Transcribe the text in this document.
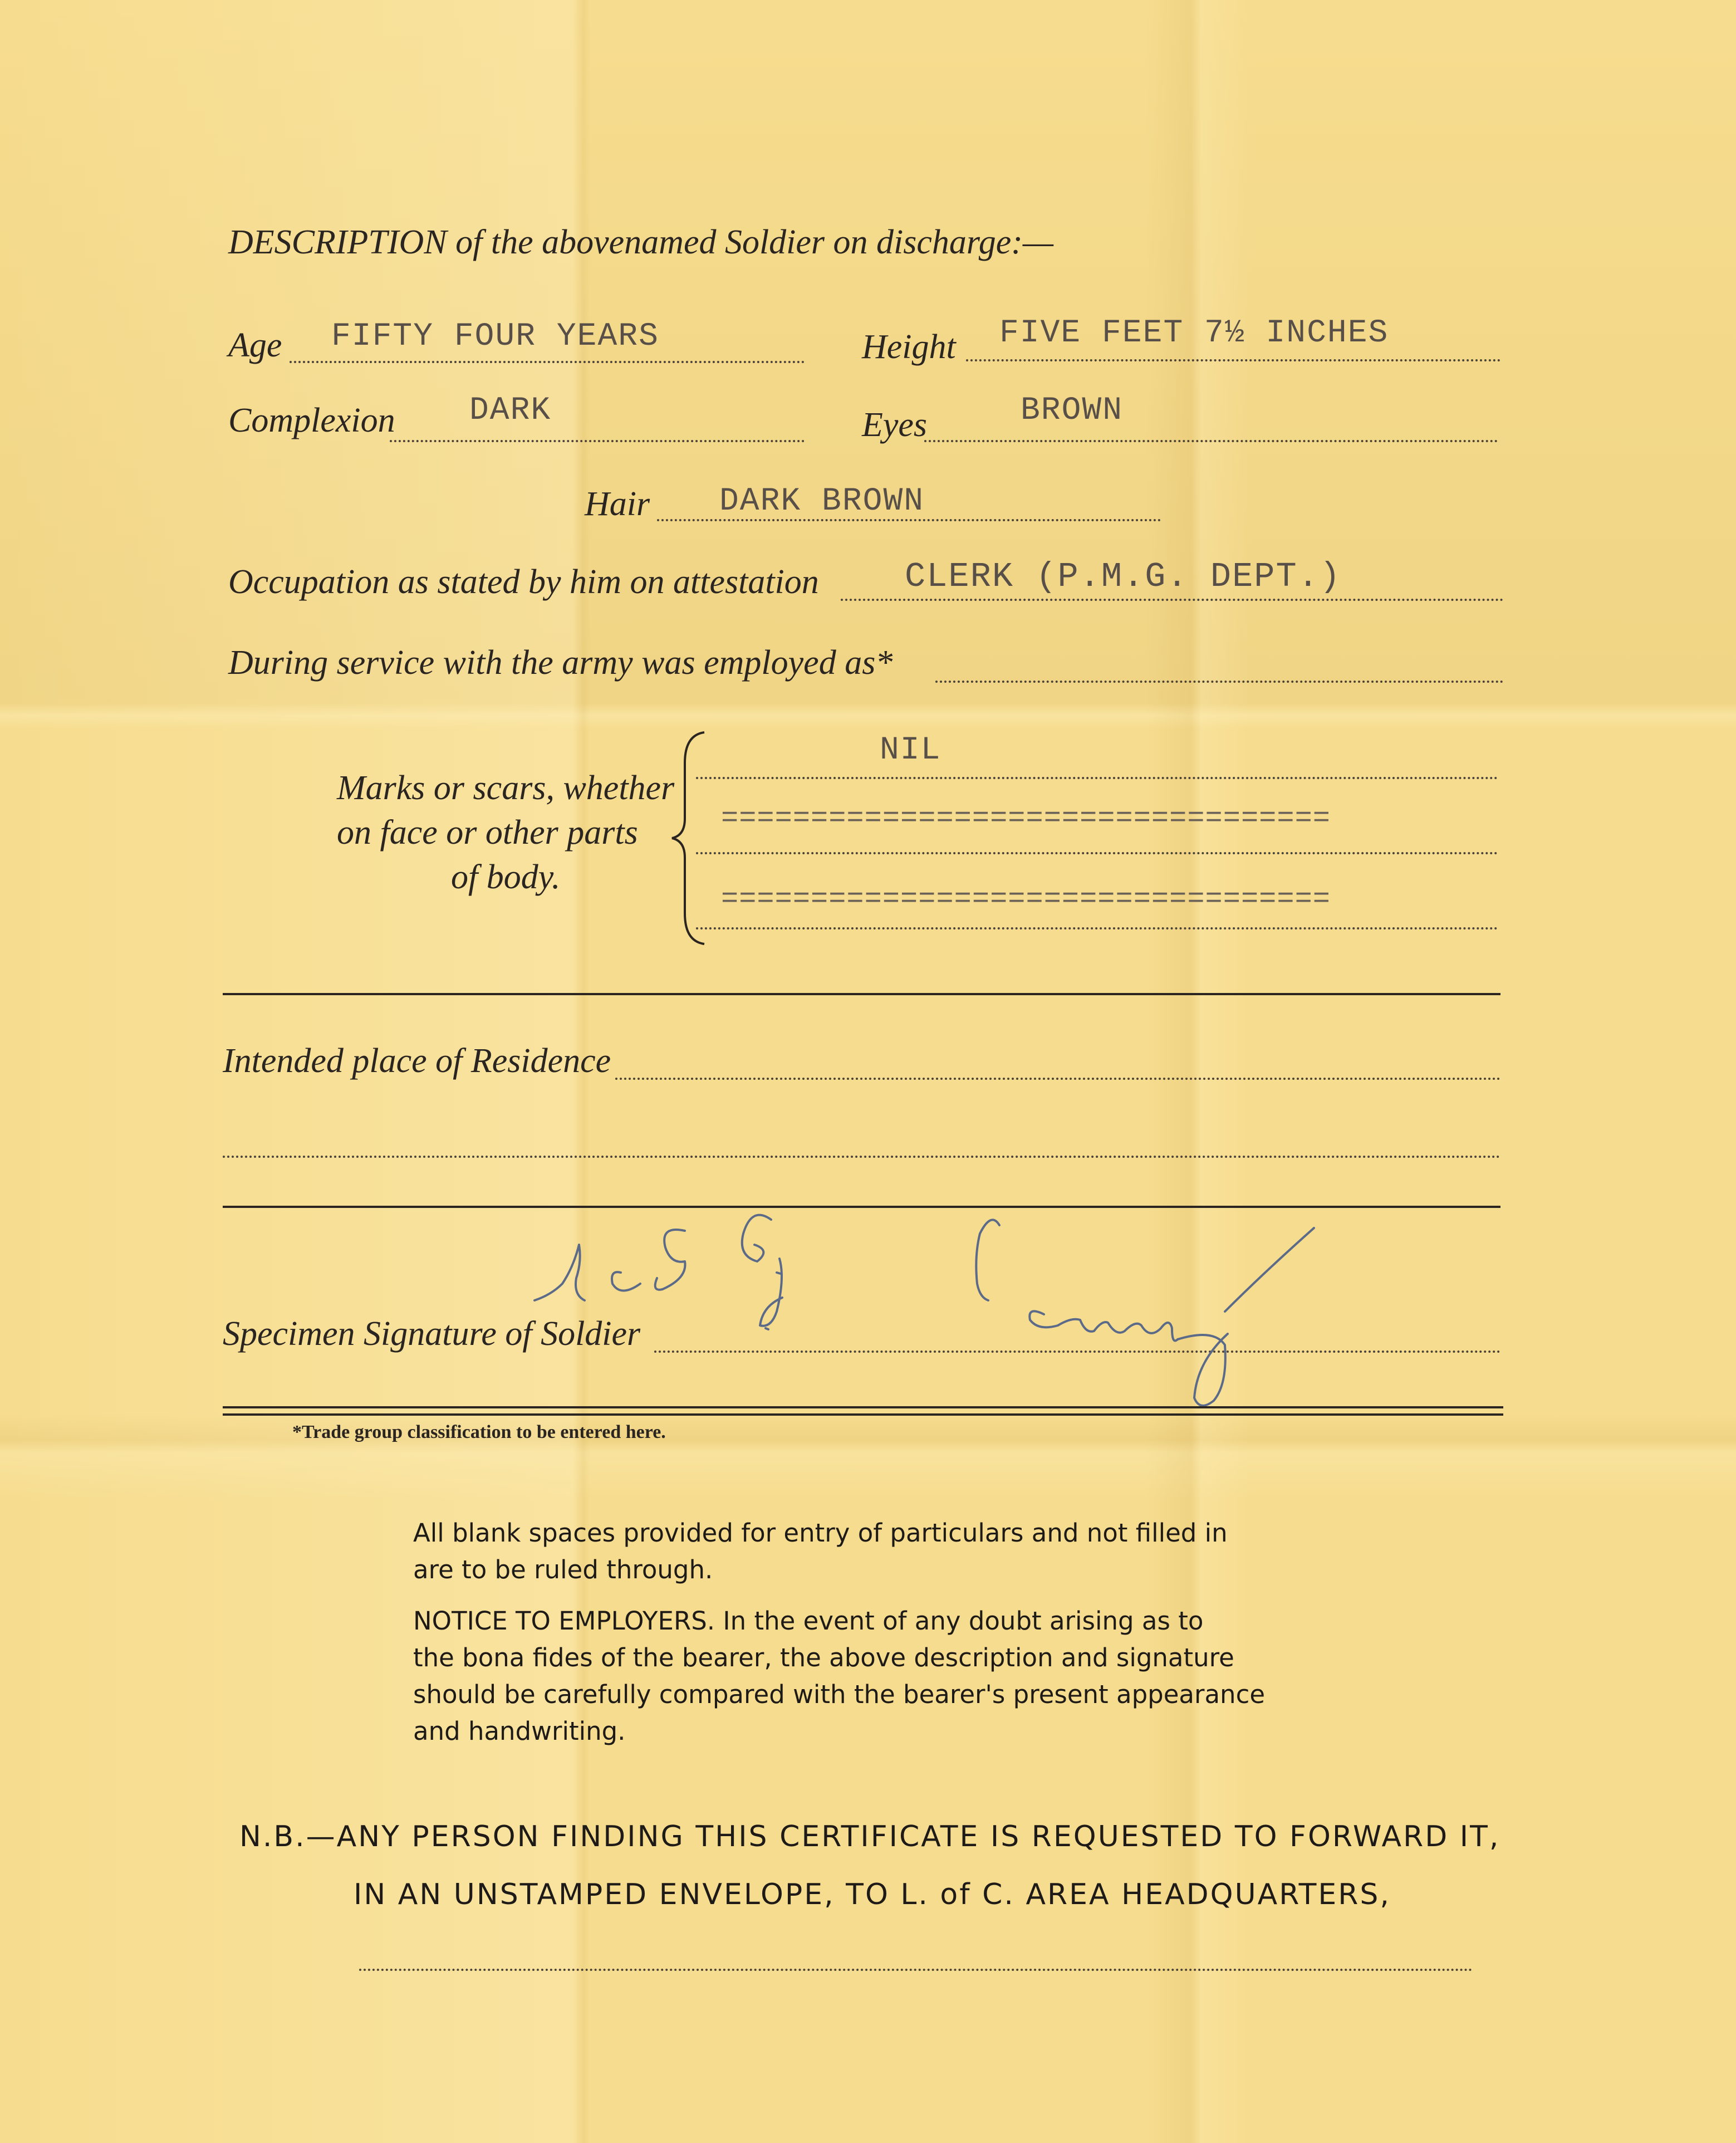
DESCRIPTION of the abovenamed Soldier on discharge:—
Age FIFTY FOUR YEARS	Height FIVE FEET 7½ INCHES
Complexion DARK	Eyes	BROWN
Hair DARK BROWN
Occupation as stated by him on attestation CLERK (P.M.G. DEPT.)
During service with the army was employed as*
Marks or scars, whether
on face or other parts
of body.
NIL
==================================
==================================
Intended place of Residence
Specimen Signature of Soldier
*Trade group classification to be entered here.
All blank spaces provided for entry of particulars and not filled in
are to be ruled through.
NOTICE TO EMPLOYERS. In the event of any doubt arising as to
the bona fides of the bearer, the above description and signature
should be carefully compared with the bearer's present appearance
and handwriting.
N.B.—ANY PERSON FINDING THIS CERTIFICATE IS REQUESTED TO FORWARD IT,
IN AN UNSTAMPED ENVELOPE, TO L. of C. AREA HEADQUARTERS,
